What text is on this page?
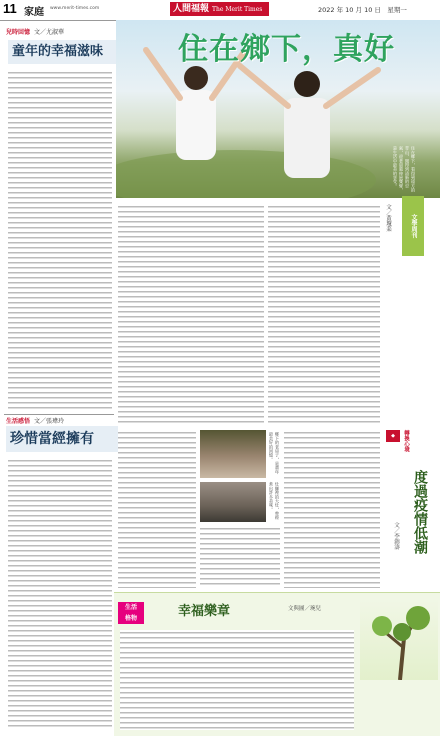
11 家庭 www.merit-times.com	人間福報 The Merit Times	2022 年 10 月 10 日　星期一
兒時回憶 文／尤淑華
童年的幸福滋味
生活感悟 文／張瑋玲
珍惜當經擁有
住在鄉下，真好
住在鄉下，看得到遠方的青山，聞得到清新的空氣，迎著晨風伸展雙臂，是生活中最美的享受。
文學周刊
文／黃瓊棻
鄉下的老房子，是童年最美好的回憶。
灶腳裡的大灶，曾經煮出許多美味。
◆	轉換心境
度過疫情低潮
文／李錦濤
生活
格物	幸福樂章	文與圖／琬兒
